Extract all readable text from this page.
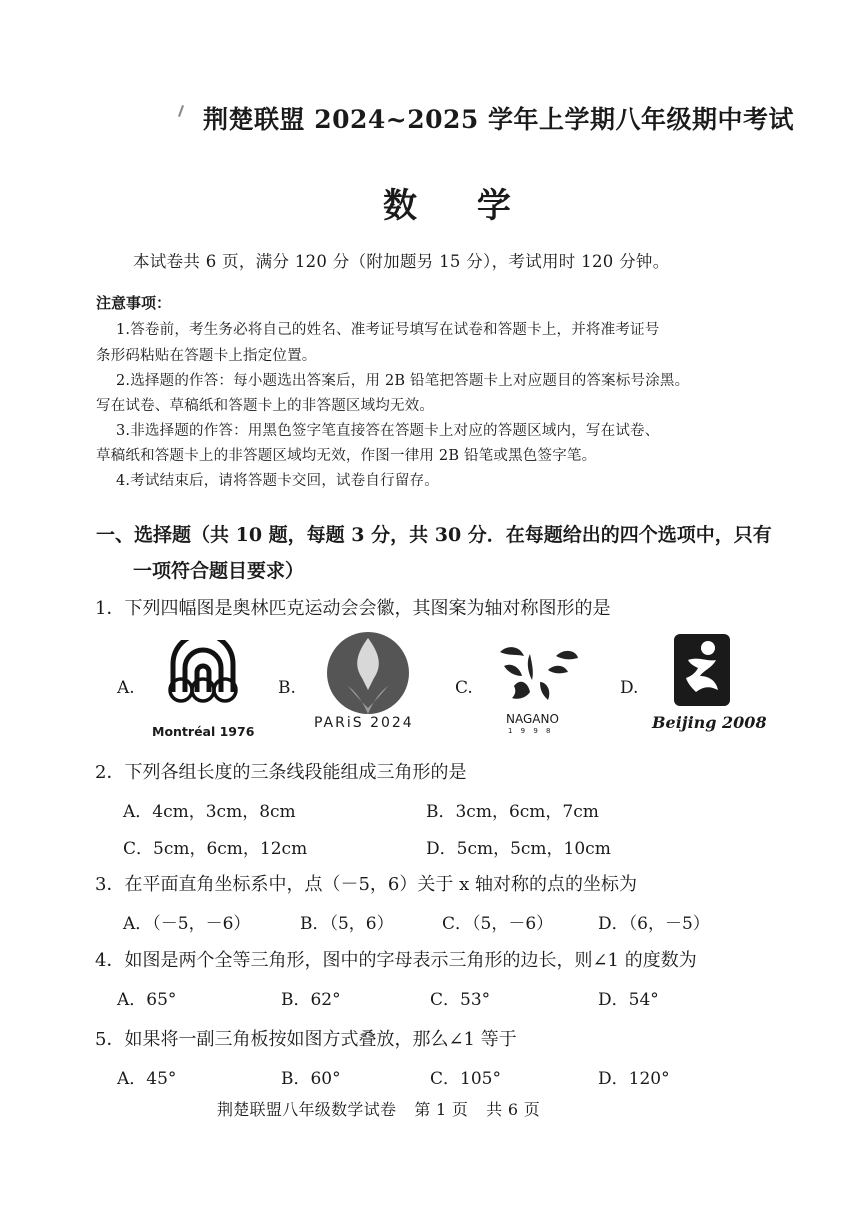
荆楚联盟 2024~2025 学年上学期八年级期中考试
数 学
本试卷共 6 页，满分 120 分（附加题另 15 分），考试用时 120 分钟。
注意事项：
1.答卷前，考生务必将自己的姓名、准考证号填写在试卷和答题卡上，并将准考证号
条形码粘贴在答题卡上指定位置。
2.选择题的作答：每小题选出答案后，用 2B 铅笔把答题卡上对应题目的答案标号涂黑。
写在试卷、草稿纸和答题卡上的非答题区域均无效。
3.非选择题的作答：用黑色签字笔直接答在答题卡上对应的答题区域内，写在试卷、
草稿纸和答题卡上的非答题区域均无效，作图一律用 2B 铅笔或黑色签字笔。
4.考试结束后，请将答题卡交回，试卷自行留存。
一、选择题（共 10 题，每题 3 分，共 30 分．在每题给出的四个选项中，只有
一项符合题目要求）
1．下列四幅图是奥林匹克运动会会徽，其图案为轴对称图形的是
A.
Montréal 1976
B.
PARiS 2024
C.
NAGANO
1 9 9 8
D.
Beijing 2008
2．下列各组长度的三条线段能组成三角形的是
A．4cm，3cm，8cm	B．3cm，6cm，7cm
C．5cm，6cm，12cm	D．5cm，5cm，10cm
3．在平面直角坐标系中，点（－5，6）关于 x 轴对称的点的坐标为
A．（－5，－6）	B．（5，6）	C．（5，－6）	D．（6，－5）
4．如图是两个全等三角形，图中的字母表示三角形的边长，则∠1 的度数为
A．65°	B．62°	C．53°	D．54°
5．如果将一副三角板按如图方式叠放，那么∠1 等于
A．45°	B．60°	C．105°	D．120°
荆楚联盟八年级数学试卷 第 1 页 共 6 页
